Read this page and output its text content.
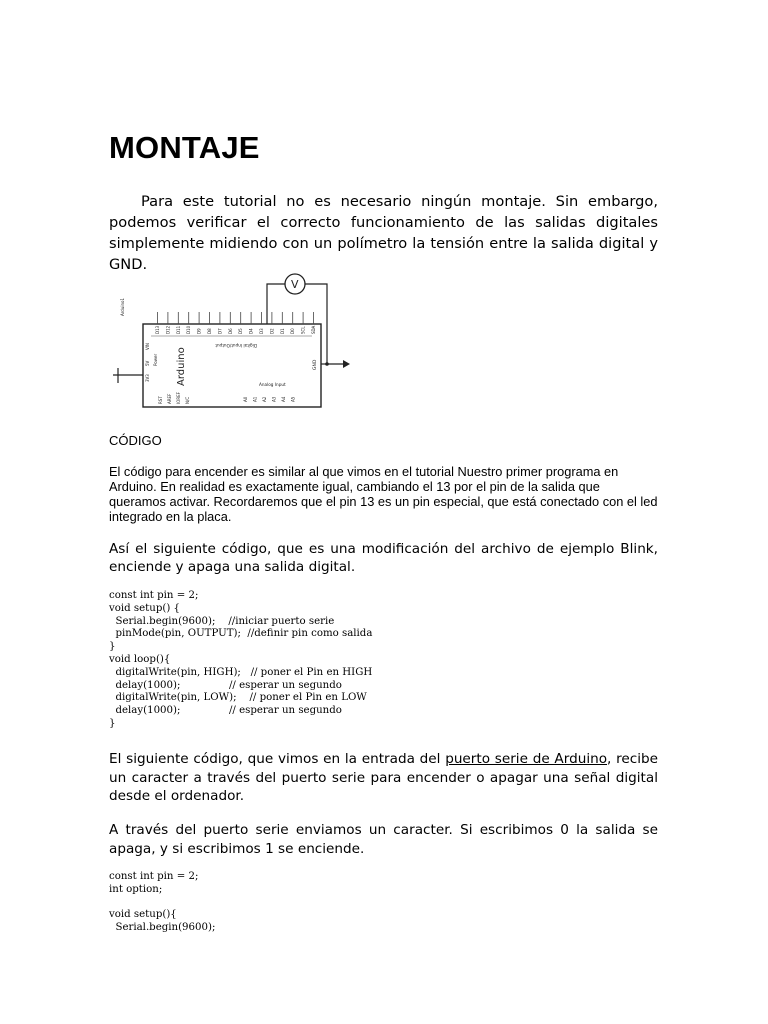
MONTAJE

Para este tutorial no es necesario ningún montaje. Sin embargo, podemos verificar el correcto funcionamiento de las salidas digitales simplemente midiendo con un polímetro la tensión entre la salida digital y GND.

V
Arduino
Arduino1
Power
Digital Input/Output
Analog Input
GND
D13 D12 D11 D10 D9 D8 D7 D6 D5 D4 D3 D2 D1 D0 SCL SDA
VIN
5V
3V3
RST AREF IOREF N/C	A0 A1 A2 A3 A4 A5
CÓDIGO

El código para encender es similar al que vimos en el tutorial Nuestro primer programa en Arduino. En realidad es exactamente igual, cambiando el 13 por el pin de la salida que queramos activar. Recordaremos que el pin 13 es un pin especial, que está conectado con el led integrado en la placa.

Así el siguiente código, que es una modificación del archivo de ejemplo Blink, enciende y apaga una salida digital.

const int pin = 2;
void setup() {
Serial.begin(9600);    //iniciar puerto serie
pinMode(pin, OUTPUT);  //definir pin como salida
}
void loop(){
digitalWrite(pin, HIGH);   // poner el Pin en HIGH
delay(1000);               // esperar un segundo
digitalWrite(pin, LOW);    // poner el Pin en LOW
delay(1000);               // esperar un segundo
}

El siguiente código, que vimos en la entrada del puerto serie de Arduino, recibe un caracter a través del puerto serie para encender o apagar una señal digital desde el ordenador.

A través del puerto serie enviamos un caracter. Si escribimos 0 la salida se apaga, y si escribimos 1 se enciende.

const int pin = 2;
int option;

void setup(){
Serial.begin(9600);
